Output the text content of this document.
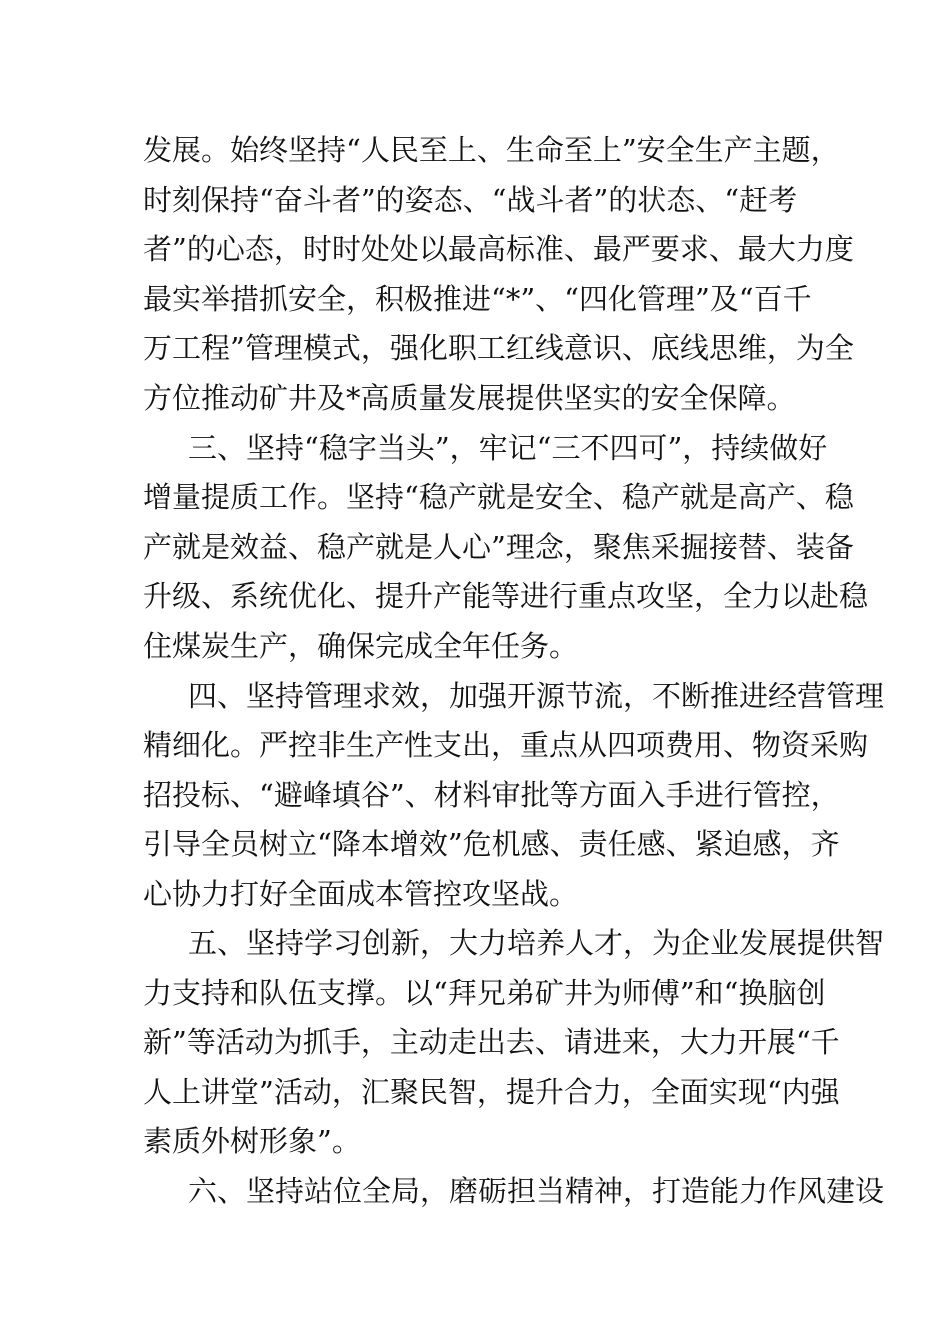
发展。始终坚持“人民至上、生命至上”安全生产主题，
时刻保持“奋斗者”的姿态、“战斗者”的状态、“赶考
者”的心态，时时处处以最高标准、最严要求、最大力度
最实举措抓安全，积极推进“*”、“四化管理”及“百千
万工程”管理模式，强化职工红线意识、底线思维，为全
方位推动矿井及*高质量发展提供坚实的安全保障。
三、坚持“稳字当头”，牢记“三不四可”，持续做好
增量提质工作。坚持“稳产就是安全、稳产就是高产、稳
产就是效益、稳产就是人心”理念，聚焦采掘接替、装备
升级、系统优化、提升产能等进行重点攻坚，全力以赴稳
住煤炭生产，确保完成全年任务。
四、坚持管理求效，加强开源节流，不断推进经营管理
精细化。严控非生产性支出，重点从四项费用、物资采购
招投标、“避峰填谷”、材料审批等方面入手进行管控，
引导全员树立“降本增效”危机感、责任感、紧迫感，齐
心协力打好全面成本管控攻坚战。
五、坚持学习创新，大力培养人才，为企业发展提供智
力支持和队伍支撑。以“拜兄弟矿井为师傅”和“换脑创
新”等活动为抓手，主动走出去、请进来，大力开展“千
人上讲堂”活动，汇聚民智，提升合力，全面实现“内强
素质外树形象”。
六、坚持站位全局，磨砺担当精神，打造能力作风建设
